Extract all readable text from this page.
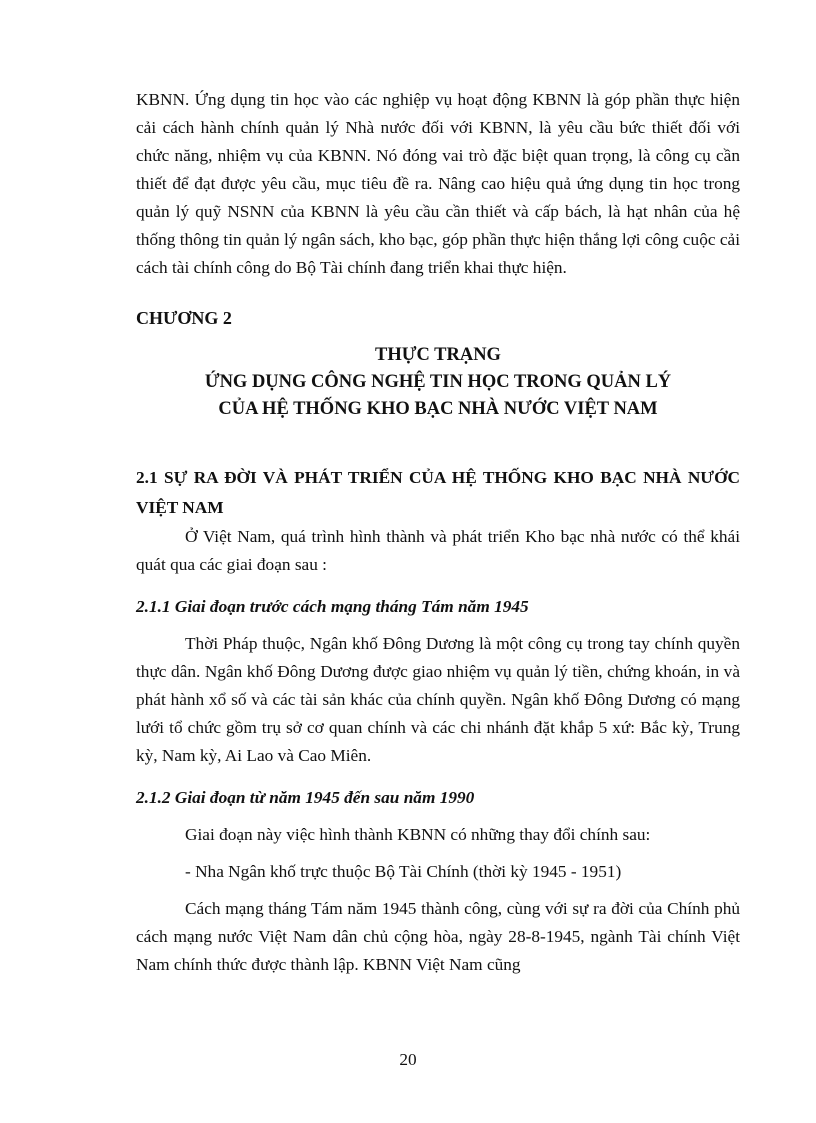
KBNN. Ứng dụng tin học vào các nghiệp vụ hoạt động KBNN là góp phần thực hiện cải cách hành chính quản lý Nhà nước đối với KBNN, là yêu cầu bức thiết đối với chức năng, nhiệm vụ của KBNN. Nó đóng vai trò đặc biệt quan trọng, là công cụ cần thiết để đạt được yêu cầu, mục tiêu đề ra. Nâng cao hiệu quả ứng dụng tin học trong quản lý quỹ NSNN của KBNN là yêu cầu cần thiết và cấp bách, là hạt nhân của hệ thống thông tin quản lý ngân sách, kho bạc, góp phần thực hiện thắng lợi công cuộc cải cách tài chính công do Bộ Tài chính đang triển khai thực hiện.

CHƯƠNG 2
THỰC TRẠNG
ỨNG DỤNG CÔNG NGHỆ TIN HỌC TRONG QUẢN LÝ
CỦA HỆ THỐNG KHO BẠC NHÀ NƯỚC VIỆT NAM
2.1 SỰ RA ĐỜI VÀ PHÁT TRIỂN CỦA HỆ THỐNG KHO BẠC NHÀ NƯỚC VIỆT NAM

Ở Việt Nam, quá trình hình thành và phát triển Kho bạc nhà nước có thể khái quát qua các giai đoạn sau :

2.1.1 Giai đoạn trước cách mạng tháng Tám năm 1945

Thời Pháp thuộc, Ngân khố Đông Dương là một công cụ trong tay chính quyền thực dân. Ngân khố Đông Dương được giao nhiệm vụ quản lý tiền, chứng khoán, in và phát hành xổ số và các tài sản khác của chính quyền. Ngân khố Đông Dương có mạng lưới tổ chức gồm trụ sở cơ quan chính và các chi nhánh đặt khắp 5 xứ: Bắc kỳ, Trung kỳ, Nam kỳ, Ai Lao và Cao Miên.

2.1.2 Giai đoạn từ năm 1945 đến sau năm 1990

Giai đoạn này việc hình thành KBNN có những thay đổi chính sau:

- Nha Ngân khố trực thuộc Bộ Tài Chính (thời kỳ 1945 - 1951)

Cách mạng tháng Tám năm 1945 thành công, cùng với sự ra đời của Chính phủ cách mạng nước Việt Nam dân chủ cộng hòa, ngày 28-8-1945, ngành Tài chính Việt Nam chính thức được thành lập. KBNN Việt Nam cũng

20
